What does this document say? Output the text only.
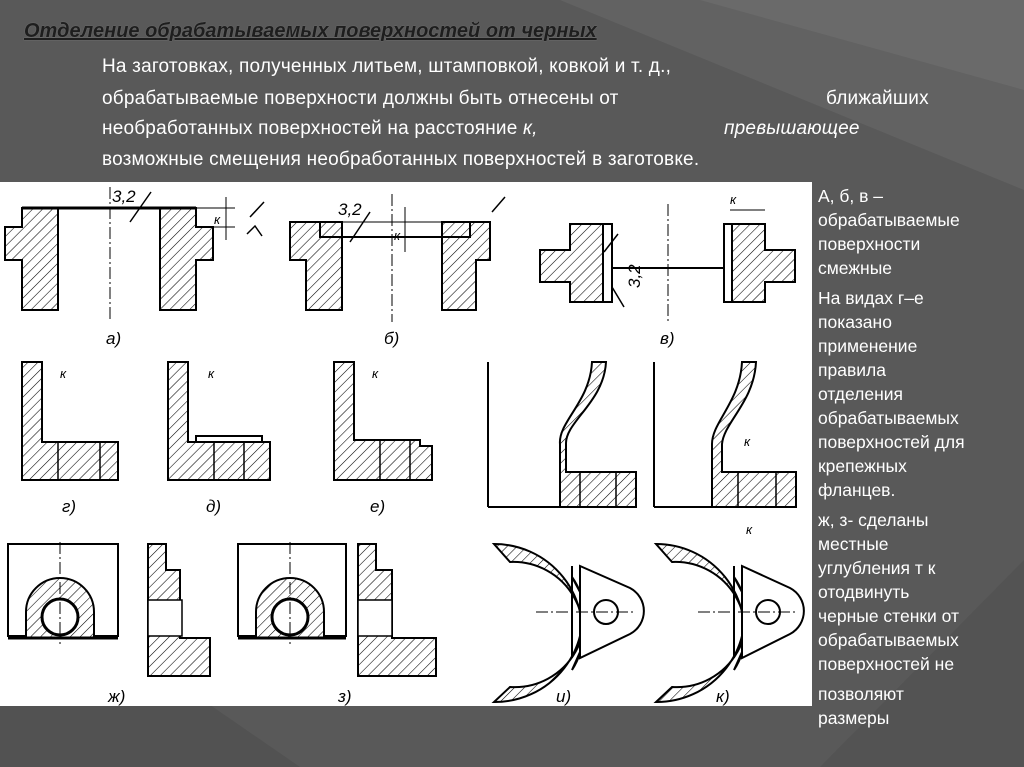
Отделение обрабатываемых поверхностей от черных
На заготовках, полученных литьем, штамповкой, ковкой и т. д.,
обрабатываемые поверхности должны быть отнесены от	ближайших
необработанных поверхностей на расстояние к,	превышающее
возможные смещения необработанных поверхностей в заготовке.
3,2
3,2
3,2
к
к
к
к	к	к
к
к
а)	б)	в)
г)	д)	е)
ж)	з)	и)	к)

А, б, в –
обрабатываемые
поверхности
смежные

На видах г–е
показано
применение
правила
отделения
обрабатываемых
поверхностей для
крепежных
фланцев.

ж, з- сделаны
местные
углубления т к
отодвинуть
черные стенки от
обрабатываемых
поверхностей не

позволяют
размеры
